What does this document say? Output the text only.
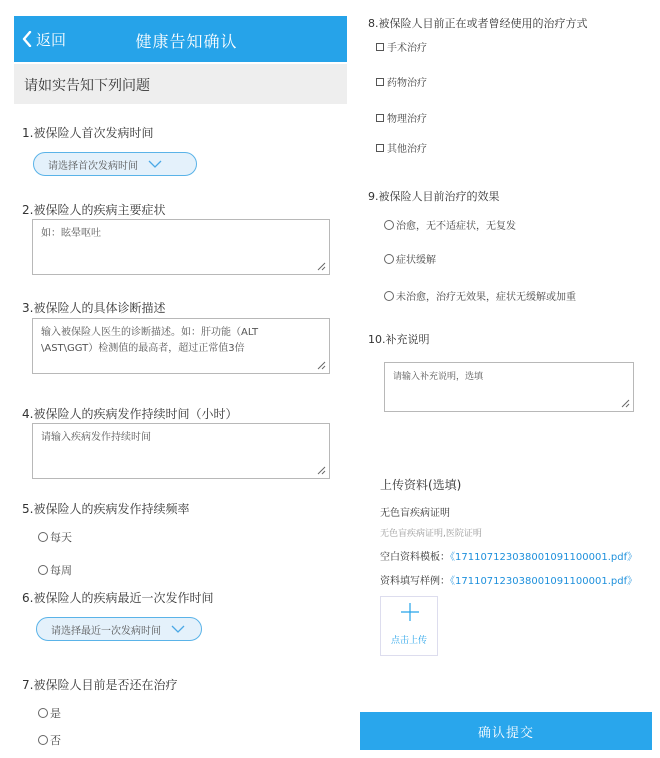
返回	健康告知确认
请如实告知下列问题
1.被保险人首次发病时间
请选择首次发病时间
2.被保险人的疾病主要症状
如：眩晕呕吐
3.被保险人的具体诊断描述
输入被保险人医生的诊断描述。如：肝功能（ALT
\AST\GGT）检测值的最高者，超过正常值3倍
4.被保险人的疾病发作持续时间（小时）
请输入疾病发作持续时间
5.被保险人的疾病发作持续频率
每天
每周
6.被保险人的疾病最近一次发作时间
请选择最近一次发病时间
7.被保险人目前是否还在治疗
是
否
8.被保险人目前正在或者曾经使用的治疗方式
手术治疗
药物治疗
物理治疗
其他治疗
9.被保险人目前治疗的效果
治愈，无不适症状，无复发
症状缓解
未治愈，治疗无效果，症状无缓解或加重
10.补充说明
请输入补充说明，选填
上传资料(选填)
无色盲疾病证明
无色盲疾病证明,医院证明
空白资料模板：《17110712303800109110000‌1.pdf》
资料填写样例：《17110712303800109110000‌1.pdf》
点击上传
确认提交
